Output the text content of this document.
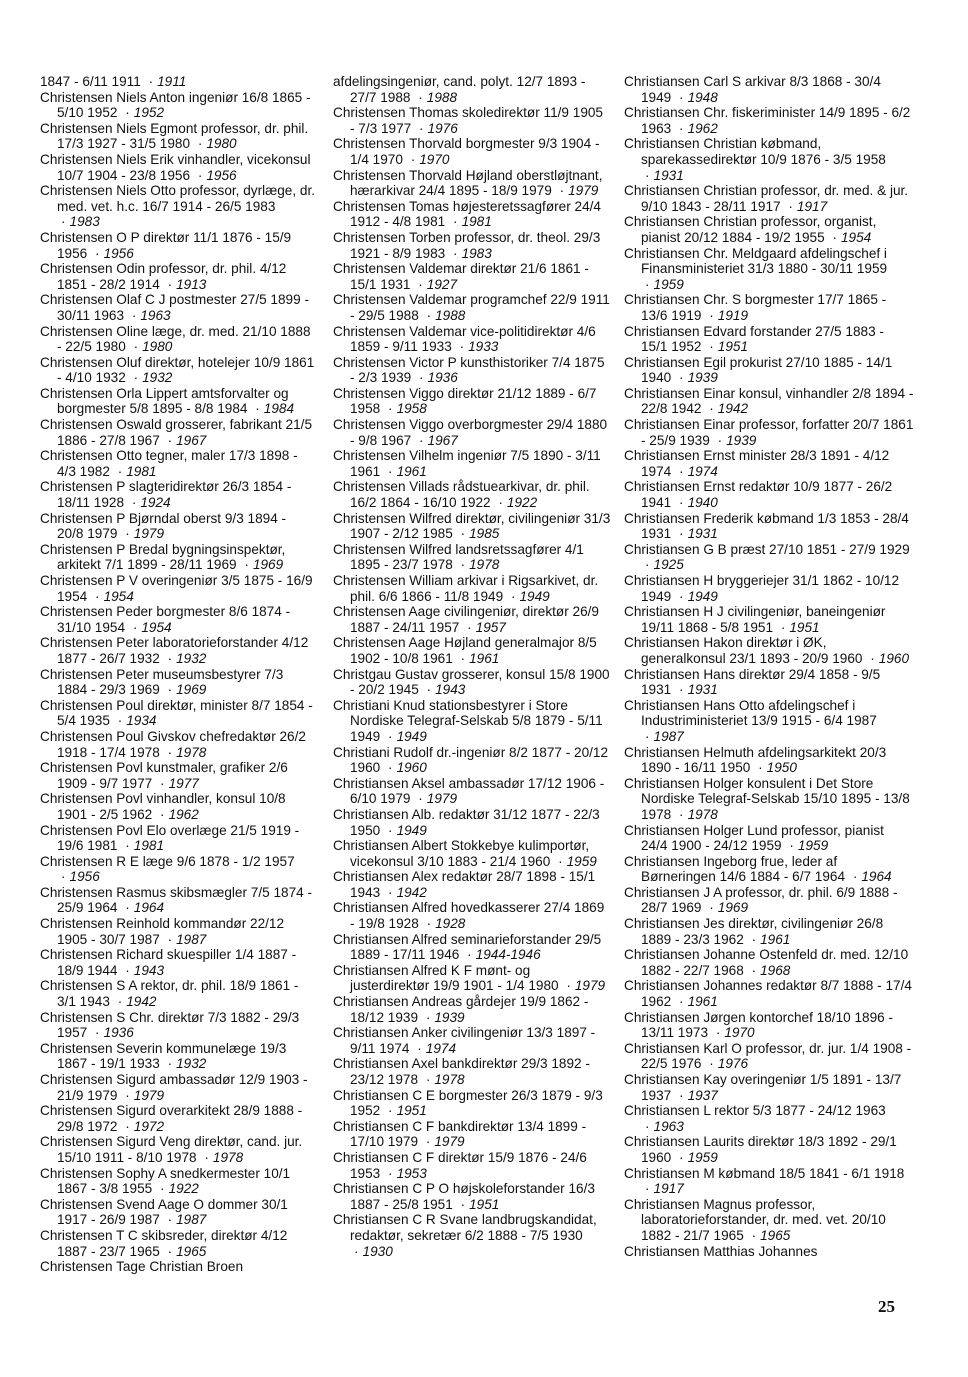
1847 - 6/11 1911 · 1911

Christensen Niels Anton ingeniør 16/8 1865 - 5/10 1952 · 1952

Christensen Niels Egmont professor, dr. phil. 17/3 1927 - 31/5 1980 · 1980

Christensen Niels Erik vinhandler, vicekonsul 10/7 1904 - 23/8 1956 · 1956

Christensen Niels Otto professor, dyrlæge, dr. med. vet. h.c. 16/7 1914 - 26/5 1983 · 1983

Christensen O P direktør 11/1 1876 - 15/9 1956 · 1956

Christensen Odin professor, dr. phil. 4/12 1851 - 28/2 1914 · 1913

Christensen Olaf C J postmester 27/5 1899 - 30/11 1963 · 1963

Christensen Oline læge, dr. med. 21/10 1888 - 22/5 1980 · 1980

Christensen Oluf direktør, hotelejer 10/9 1861 - 4/10 1932 · 1932

Christensen Orla Lippert amtsforvalter og borgmester 5/8 1895 - 8/8 1984 · 1984

Christensen Oswald grosserer, fabrikant 21/5 1886 - 27/8 1967 · 1967

Christensen Otto tegner, maler 17/3 1898 - 4/3 1982 · 1981

Christensen P slagteridirektør 26/3 1854 - 18/11 1928 · 1924

Christensen P Bjørndal oberst 9/3 1894 - 20/8 1979 · 1979

Christensen P Bredal bygningsinspektør, arkitekt 7/1 1899 - 28/11 1969 · 1969

Christensen P V overingeniør 3/5 1875 - 16/9 1954 · 1954

Christensen Peder borgmester 8/6 1874 - 31/10 1954 · 1954

Christensen Peter laboratorieforstander 4/12 1877 - 26/7 1932 · 1932

Christensen Peter museumsbestyrer 7/3 1884 - 29/3 1969 · 1969

Christensen Poul direktør, minister 8/7 1854 - 5/4 1935 · 1934

Christensen Poul Givskov chefredaktør 26/2 1918 - 17/4 1978 · 1978

Christensen Povl kunstmaler, grafiker 2/6 1909 - 9/7 1977 · 1977

Christensen Povl vinhandler, konsul 10/8 1901 - 2/5 1962 · 1962

Christensen Povl Elo overlæge 21/5 1919 - 19/6 1981 · 1981

Christensen R E læge 9/6 1878 - 1/2 1957 · 1956

Christensen Rasmus skibsmægler 7/5 1874 - 25/9 1964 · 1964

Christensen Reinhold kommandør 22/12 1905 - 30/7 1987 · 1987

Christensen Richard skuespiller 1/4 1887 - 18/9 1944 · 1943

Christensen S A rektor, dr. phil. 18/9 1861 - 3/1 1943 · 1942

Christensen S Chr. direktør 7/3 1882 - 29/3 1957 · 1936

Christensen Severin kommunelæge 19/3 1867 - 19/1 1933 · 1932

Christensen Sigurd ambassadør 12/9 1903 - 21/9 1979 · 1979

Christensen Sigurd overarkitekt 28/9 1888 - 29/8 1972 · 1972

Christensen Sigurd Veng direktør, cand. jur. 15/10 1911 - 8/10 1978 · 1978

Christensen Sophy A snedkermester 10/1 1867 - 3/8 1955 · 1922

Christensen Svend Aage O dommer 30/1 1917 - 26/9 1987 · 1987

Christensen T C skibsreder, direktør 4/12 1887 - 23/7 1965 · 1965

Christensen Tage Christian Broen

afdelingsingeniør, cand. polyt. 12/7 1893 - 27/7 1988 · 1988

Christensen Thomas skoledirektør 11/9 1905 - 7/3 1977 · 1976

Christensen Thorvald borgmester 9/3 1904 - 1/4 1970 · 1970

Christensen Thorvald Højland oberstløjtnant, hærarkivar 24/4 1895 - 18/9 1979 · 1979

Christensen Tomas højesteretssagfører 24/4 1912 - 4/8 1981 · 1981

Christensen Torben professor, dr. theol. 29/3 1921 - 8/9 1983 · 1983

Christensen Valdemar direktør 21/6 1861 - 15/1 1931 · 1927

Christensen Valdemar programchef 22/9 1911 - 29/5 1988 · 1988

Christensen Valdemar vice-politidirektør 4/6 1859 - 9/11 1933 · 1933

Christensen Victor P kunsthistoriker 7/4 1875 - 2/3 1939 · 1936

Christensen Viggo direktør 21/12 1889 - 6/7 1958 · 1958

Christensen Viggo overborgmester 29/4 1880 - 9/8 1967 · 1967

Christensen Vilhelm ingeniør 7/5 1890 - 3/11 1961 · 1961

Christensen Villads rådstuearkivar, dr. phil. 16/2 1864 - 16/10 1922 · 1922

Christensen Wilfred direktør, civilingeniør 31/3 1907 - 2/12 1985 · 1985

Christensen Wilfred landsretssagfører 4/1 1895 - 23/7 1978 · 1978

Christensen William arkivar i Rigsarkivet, dr. phil. 6/6 1866 - 11/8 1949 · 1949

Christensen Aage civilingeniør, direktør 26/9 1887 - 24/11 1957 · 1957

Christensen Aage Højland generalmajor 8/5 1902 - 10/8 1961 · 1961

Christgau Gustav grosserer, konsul 15/8 1900 - 20/2 1945 · 1943

Christiani Knud stationsbestyrer i Store Nordiske Telegraf-Selskab 5/8 1879 - 5/11 1949 · 1949

Christiani Rudolf dr.-ingeniør 8/2 1877 - 20/12 1960 · 1960

Christiansen Aksel ambassadør 17/12 1906 - 6/10 1979 · 1979

Christiansen Alb. redaktør 31/12 1877 - 22/3 1950 · 1949

Christiansen Albert Stokkebye kulimportør, vicekonsul 3/10 1883 - 21/4 1960 · 1959

Christiansen Alex redaktør 28/7 1898 - 15/1 1943 · 1942

Christiansen Alfred hovedkasserer 27/4 1869 - 19/8 1928 · 1928

Christiansen Alfred seminarieforstander 29/5 1889 - 17/11 1946 · 1944-1946

Christiansen Alfred K F mønt- og justerdirektør 19/9 1901 - 1/4 1980 · 1979

Christiansen Andreas gårdejer 19/9 1862 - 18/12 1939 · 1939

Christiansen Anker civilingeniør 13/3 1897 - 9/11 1974 · 1974

Christiansen Axel bankdirektør 29/3 1892 - 23/12 1978 · 1978

Christiansen C E borgmester 26/3 1879 - 9/3 1952 · 1951

Christiansen C F bankdirektør 13/4 1899 - 17/10 1979 · 1979

Christiansen C F direktør 15/9 1876 - 24/6 1953 · 1953

Christiansen C P O højskoleforstander 16/3 1887 - 25/8 1951 · 1951

Christiansen C R Svane landbrugskandidat, redaktør, sekretær 6/2 1888 - 7/5 1930 · 1930

Christiansen Carl S arkivar 8/3 1868 - 30/4 1949 · 1948

Christiansen Chr. fiskeriminister 14/9 1895 - 6/2 1963 · 1962

Christiansen Christian købmand, sparekassedirektør 10/9 1876 - 3/5 1958 · 1931

Christiansen Christian professor, dr. med. & jur. 9/10 1843 - 28/11 1917 · 1917

Christiansen Christian professor, organist, pianist 20/12 1884 - 19/2 1955 · 1954

Christiansen Chr. Meldgaard afdelingschef i Finansministeriet 31/3 1880 - 30/11 1959 · 1959

Christiansen Chr. S borgmester 17/7 1865 - 13/6 1919 · 1919

Christiansen Edvard forstander 27/5 1883 - 15/1 1952 · 1951

Christiansen Egil prokurist 27/10 1885 - 14/1 1940 · 1939

Christiansen Einar konsul, vinhandler 2/8 1894 - 22/8 1942 · 1942

Christiansen Einar professor, forfatter 20/7 1861 - 25/9 1939 · 1939

Christiansen Ernst minister 28/3 1891 - 4/12 1974 · 1974

Christiansen Ernst redaktør 10/9 1877 - 26/2 1941 · 1940

Christiansen Frederik købmand 1/3 1853 - 28/4 1931 · 1931

Christiansen G B præst 27/10 1851 - 27/9 1929 · 1925

Christiansen H bryggeriejer 31/1 1862 - 10/12 1949 · 1949

Christiansen H J civilingeniør, baneingeniør 19/11 1868 - 5/8 1951 · 1951

Christiansen Hakon direktør i ØK, generalkonsul 23/1 1893 - 20/9 1960 · 1960

Christiansen Hans direktør 29/4 1858 - 9/5 1931 · 1931

Christiansen Hans Otto afdelingschef i Industriministeriet 13/9 1915 - 6/4 1987 · 1987

Christiansen Helmuth afdelingsarkitekt 20/3 1890 - 16/11 1950 · 1950

Christiansen Holger konsulent i Det Store Nordiske Telegraf-Selskab 15/10 1895 - 13/8 1978 · 1978

Christiansen Holger Lund professor, pianist 24/4 1900 - 24/12 1959 · 1959

Christiansen Ingeborg frue, leder af Børneringen 14/6 1884 - 6/7 1964 · 1964

Christiansen J A professor, dr. phil. 6/9 1888 - 28/7 1969 · 1969

Christiansen Jes direktør, civilingeniør 26/8 1889 - 23/3 1962 · 1961

Christiansen Johanne Ostenfeld dr. med. 12/10 1882 - 22/7 1968 · 1968

Christiansen Johannes redaktør 8/7 1888 - 17/4 1962 · 1961

Christiansen Jørgen kontorchef 18/10 1896 - 13/11 1973 · 1970

Christiansen Karl O professor, dr. jur. 1/4 1908 - 22/5 1976 · 1976

Christiansen Kay overingeniør 1/5 1891 - 13/7 1937 · 1937

Christiansen L rektor 5/3 1877 - 24/12 1963 · 1963

Christiansen Laurits direktør 18/3 1892 - 29/1 1960 · 1959

Christiansen M købmand 18/5 1841 - 6/1 1918 · 1917

Christiansen Magnus professor, laboratorieforstander, dr. med. vet. 20/10 1882 - 21/7 1965 · 1965

Christiansen Matthias Johannes

25
